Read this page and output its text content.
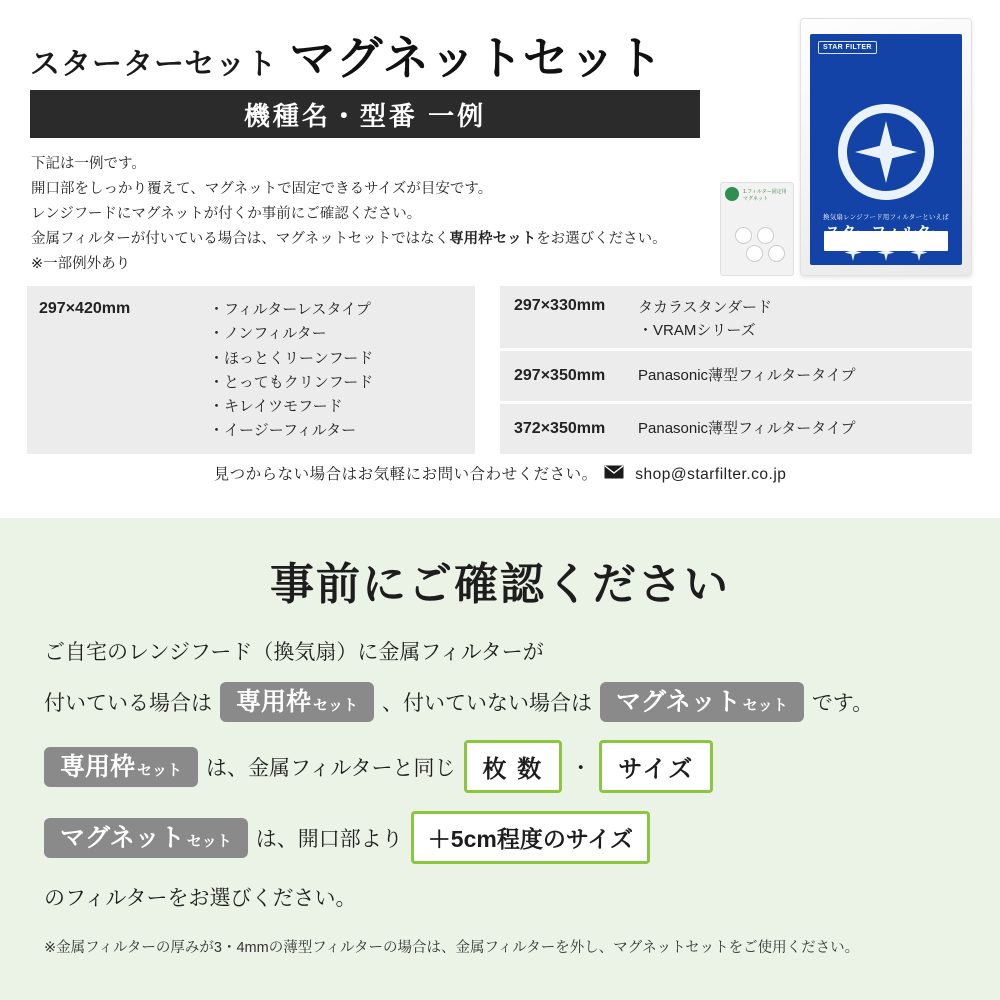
スターターセット マグネットセット
機種名・型番 一例
下記は一例です。
開口部をしっかり覆えて、マグネットで固定できるサイズが目安です。
レンジフードにマグネットが付くか事前にご確認ください。
金属フィルターが付いている場合は、マグネットセットではなく専用枠セットをお選びください。
※一部例外あり
1.フィルター固定用マグネット
STAR FILTER
換気扇レンジフード用フィルターといえば
297×420mm	・フィルターレスタイプ
・ノンフィルター
・ほっとくリーンフード
・とってもクリンフード
・キレイツモフード
・イージーフィルター
297×330mm	タカラスタンダード
・VRAMシリーズ
297×350mm	Panasonic薄型フィルタータイプ
372×350mm	Panasonic薄型フィルタータイプ
見つからない場合はお気軽にお問い合わせください。 shop@starfilter.co.jp
事前にご確認ください
ご自宅のレンジフード（換気扇）に金属フィルターが
付いている場合は 専用枠 セット 、付いていない場合は マグネット セット です。
専用枠 セット は、金属フィルターと同じ	枚 数	・	サイズ
マグネット セット は、開口部より	＋5cm程度のサイズ
のフィルターをお選びください。
※金属フィルターの厚みが3・4mmの薄型フィルターの場合は、金属フィルターを外し、マグネットセットをご使用ください。
